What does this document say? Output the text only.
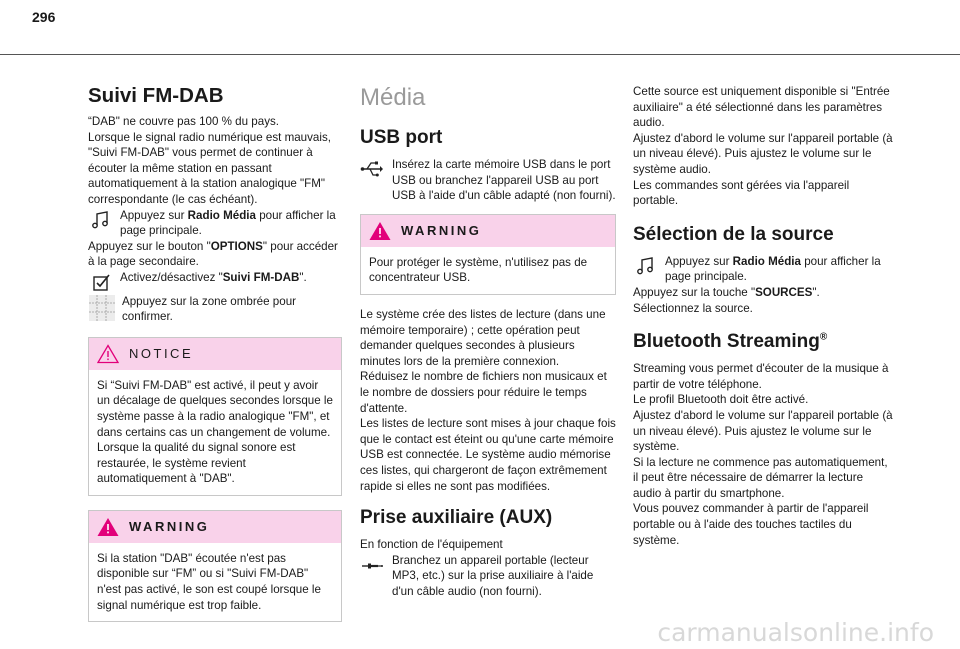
296
Suivi FM-DAB

“DAB" ne couvre pas 100 % du pays.
Lorsque le signal radio numérique est mauvais, "Suivi FM-DAB" vous permet de continuer à écouter la même station en passant automatiquement à la station analogique "FM" correspondante (le cas échéant).

Appuyez sur Radio Média pour afficher la page principale.

Appuyez sur le bouton "OPTIONS" pour accéder à la page secondaire.

Activez/désactivez "Suivi FM-DAB".
Appuyez sur la zone ombrée pour confirmer.
NOTICE
Si “Suivi FM-DAB" est activé, il peut y avoir un décalage de quelques secondes lorsque le système passe à la radio analogique "FM", et dans certains cas un changement de volume.
Lorsque la qualité du signal sonore est restaurée, le système revient automatiquement à "DAB".
WARNING
Si la station "DAB" écoutée n'est pas disponible sur “FM” ou si "Suivi FM-DAB" n'est pas activé, le son est coupé lorsque le signal numérique est trop faible.
Média
USB port
Insérez la carte mémoire USB dans le port USB ou branchez l'appareil USB au port USB à l'aide d'un câble adapté (non fourni).
WARNING
Pour protéger le système, n'utilisez pas de concentrateur USB.

Le système crée des listes de lecture (dans une mémoire temporaire) ; cette opération peut demander quelques secondes à plusieurs minutes lors de la première connexion.
Réduisez le nombre de fichiers non musicaux et le nombre de dossiers pour réduire le temps d'attente.
Les listes de lecture sont mises à jour chaque fois que le contact est éteint ou qu'une carte mémoire USB est connectée. Le système audio mémorise ces listes, qui chargeront de façon extrêmement rapide si elles ne sont pas modifiées.

Prise auxiliaire (AUX)

En fonction de l'équipement

Branchez un appareil portable (lecteur MP3, etc.) sur la prise auxiliaire à l'aide d'un câble audio (non fourni).

Cette source est uniquement disponible si "Entrée auxiliaire" a été sélectionné dans les paramètres audio.
Ajustez d'abord le volume sur l'appareil portable (à un niveau élevé). Puis ajustez le volume sur le système audio.
Les commandes sont gérées via l'appareil portable.

Sélection de la source
Appuyez sur Radio Média pour afficher la page principale.

Appuyez sur la touche "SOURCES".

Sélectionnez la source.

Bluetooth Streaming®

Streaming vous permet d'écouter de la musique à partir de votre téléphone.
Le profil Bluetooth doit être activé.
Ajustez d'abord le volume sur l'appareil portable (à un niveau élevé). Puis ajustez le volume sur le système.
Si la lecture ne commence pas automatiquement, il peut être nécessaire de démarrer la lecture audio à partir du smartphone.
Vous pouvez commander à partir de l'appareil portable ou à l'aide des touches tactiles du système.

carmanualsonline.info
